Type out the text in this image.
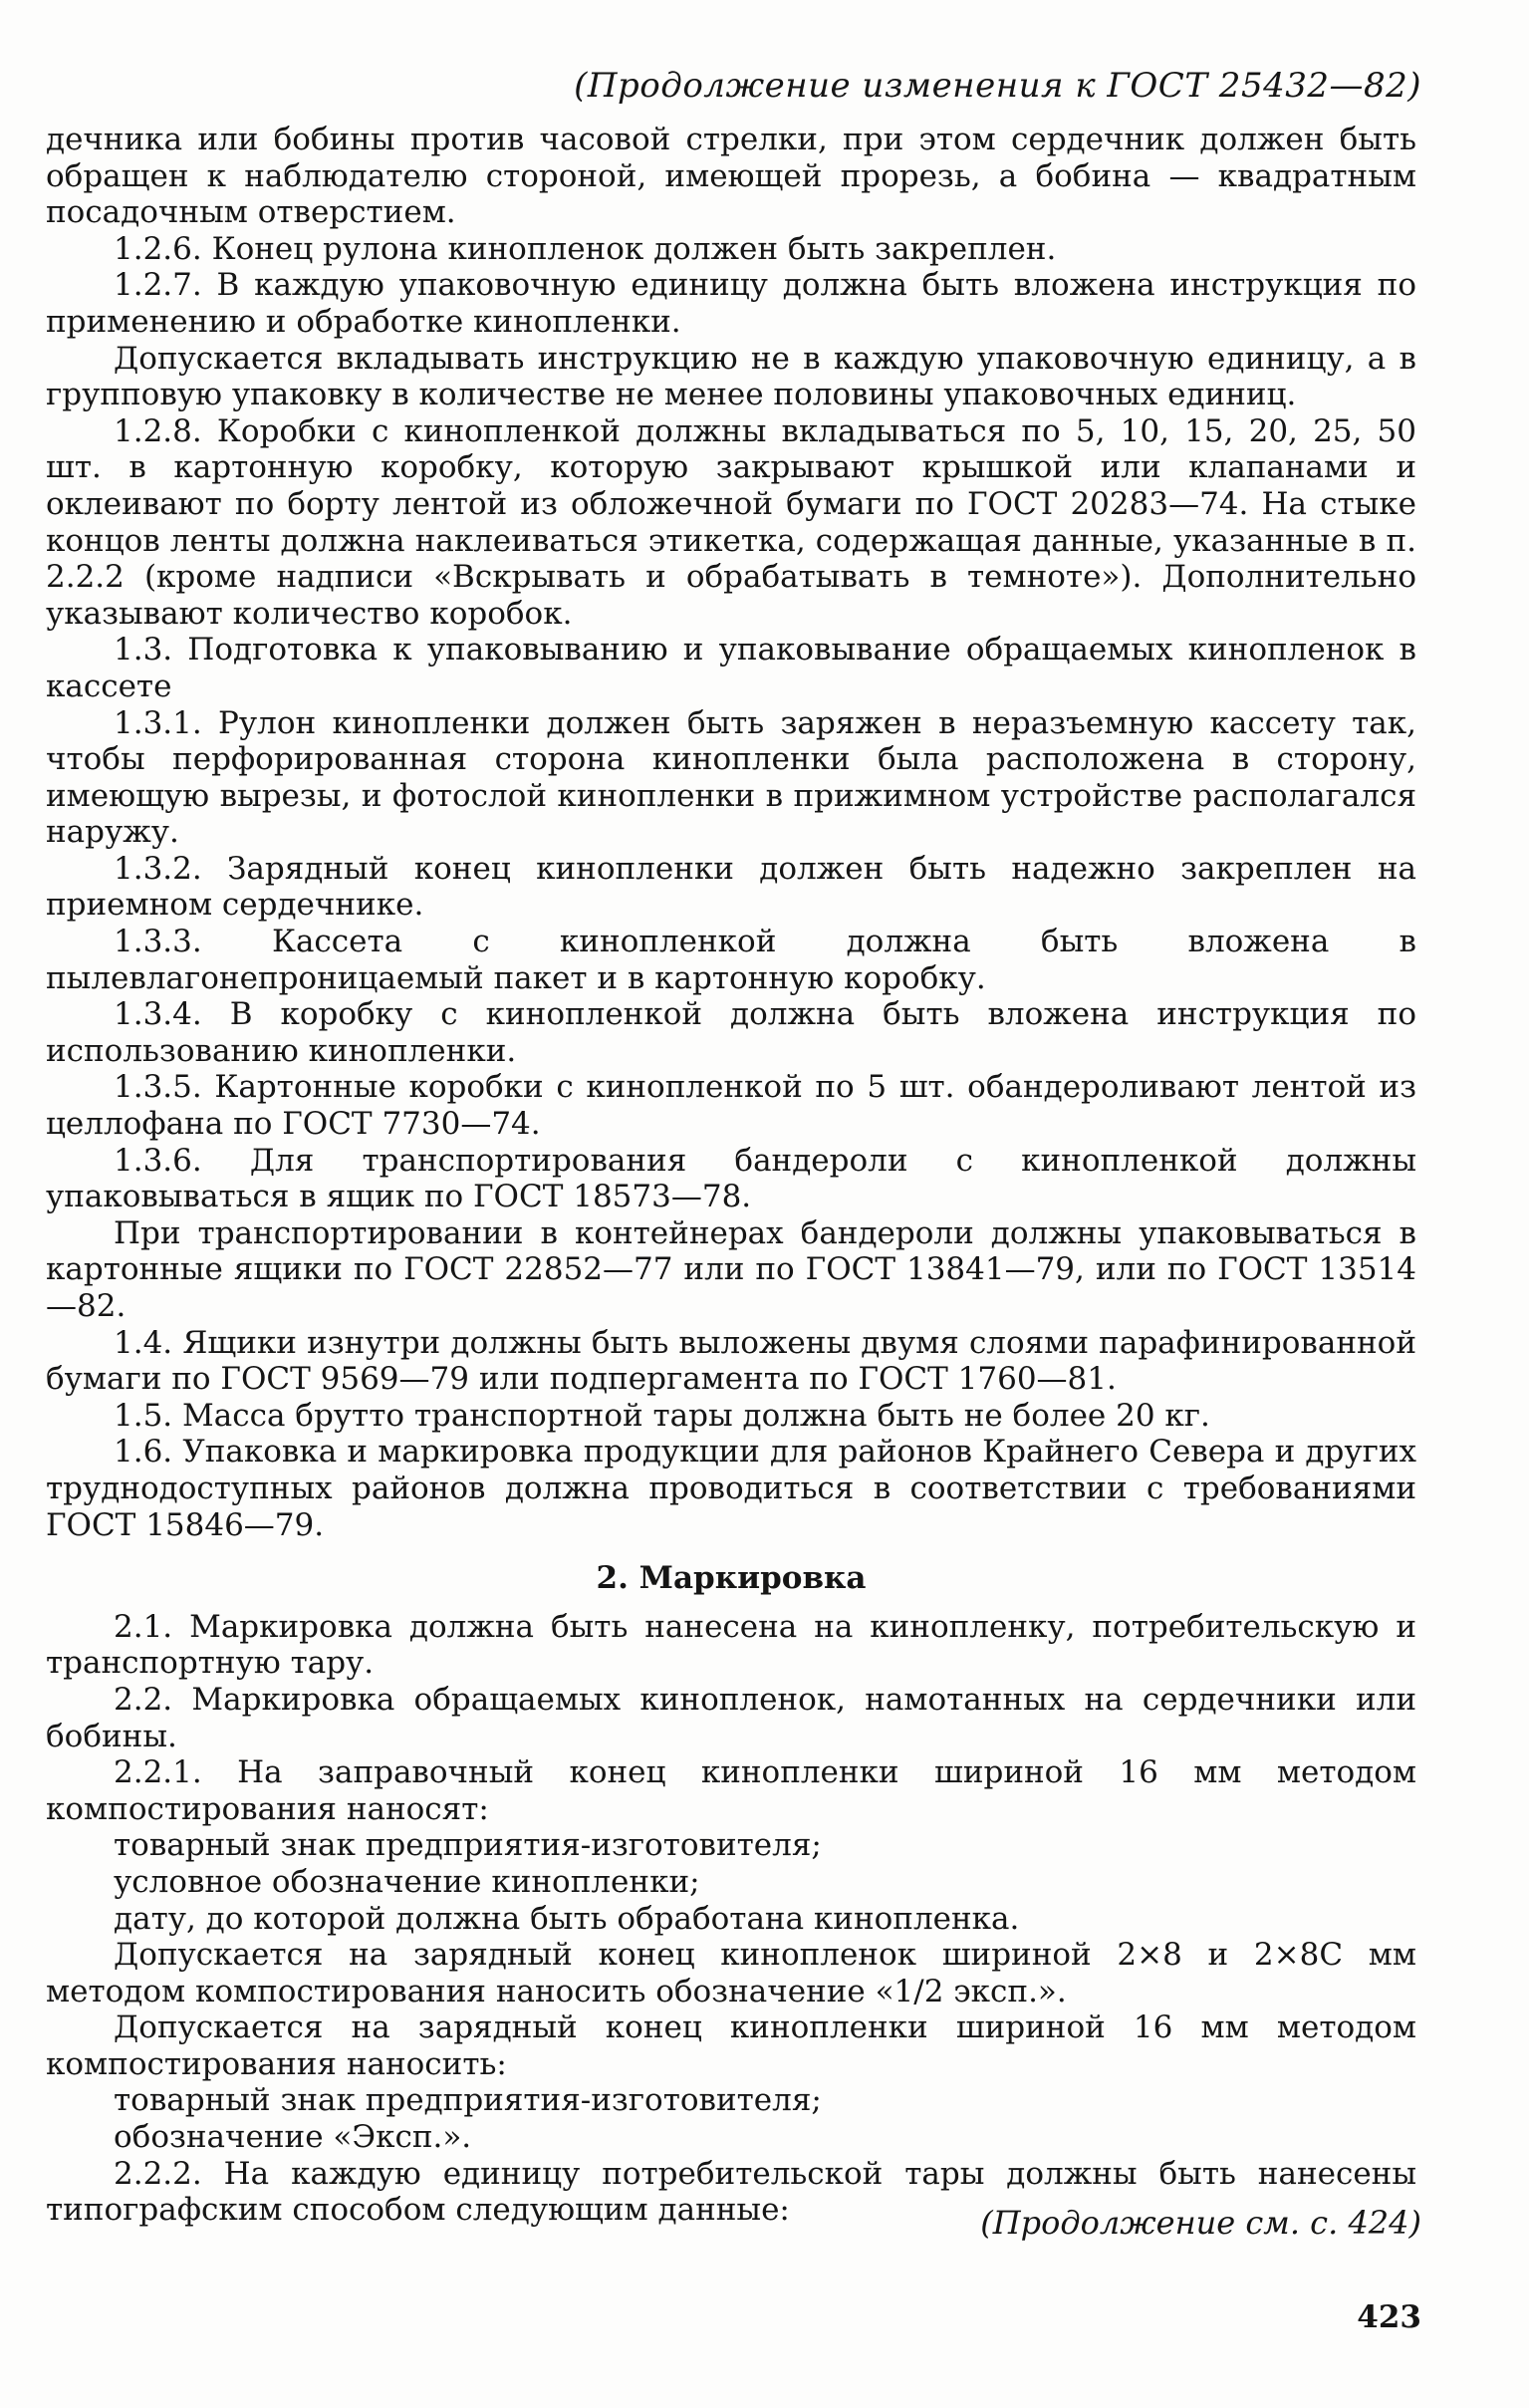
(Продолжение изменения к ГОСТ 25432—82)

дечника или бобины против часовой стрелки, при этом сердечник должен быть обращен к наблюдателю стороной, имеющей прорезь, а бобина — квадратным посадочным отверстием.

1.2.6. Конец рулона кинопленок должен быть закреплен.

1.2.7. В каждую упаковочную единицу должна быть вложена инструкция по применению и обработке кинопленки.

Допускается вкладывать инструкцию не в каждую упаковочную единицу, а в групповую упаковку в количестве не менее половины упаковочных единиц.

1.2.8. Коробки с кинопленкой должны вкладываться по 5, 10, 15, 20, 25, 50 шт. в картонную коробку, которую закрывают крышкой или клапанами и оклеивают по борту лентой из обложечной бумаги по ГОСТ 20283—74. На стыке концов ленты должна наклеиваться этикетка, содержащая данные, указанные в п. 2.2.2 (кроме надписи «Вскрывать и обрабатывать в темноте»). Дополнительно указывают количество коробок.

1.3. Подготовка к упаковыванию и упаковывание обращаемых кинопленок в кассете

1.3.1. Рулон кинопленки должен быть заряжен в неразъемную кассету так, чтобы перфорированная сторона кинопленки была расположена в сторону, имеющую вырезы, и фотослой кинопленки в прижимном устройстве располагался наружу.

1.3.2. Зарядный конец кинопленки должен быть надежно закреплен на приемном сердечнике.

1.3.3. Кассета с кинопленкой должна быть вложена в пылевлагонепроницаемый пакет и в картонную коробку.

1.3.4. В коробку с кинопленкой должна быть вложена инструкция по использованию кинопленки.

1.3.5. Картонные коробки с кинопленкой по 5 шт. обандероливают лентой из целлофана по ГОСТ 7730—74.

1.3.6. Для транспортирования бандероли с кинопленкой должны упаковываться в ящик по ГОСТ 18573—78.

При транспортировании в контейнерах бандероли должны упаковываться в картонные ящики по ГОСТ 22852—77 или по ГОСТ 13841—79, или по ГОСТ 13514—82.

1.4. Ящики изнутри должны быть выложены двумя слоями парафинированной бумаги по ГОСТ 9569—79 или подпергамента по ГОСТ 1760—81.

1.5. Масса брутто транспортной тары должна быть не более 20 кг.

1.6. Упаковка и маркировка продукции для районов Крайнего Севера и других труднодоступных районов должна проводиться в соответствии с требованиями ГОСТ 15846—79.

2. Маркировка

2.1. Маркировка должна быть нанесена на кинопленку, потребительскую и транспортную тару.

2.2. Маркировка обращаемых кинопленок, намотанных на сердечники или бобины.

2.2.1. На заправочный конец кинопленки шириной 16 мм методом компостирования наносят:

товарный знак предприятия-изготовителя;

условное обозначение кинопленки;

дату, до которой должна быть обработана кинопленка.

Допускается на зарядный конец кинопленок шириной 2×8 и 2×8С мм методом компостирования наносить обозначение «1/2 эксп.».

Допускается на зарядный конец кинопленки шириной 16 мм методом компостирования наносить:

товарный знак предприятия-изготовителя;

обозначение «Эксп.».

2.2.2. На каждую единицу потребительской тары должны быть нанесены типографским способом следующим данные:	(Продолжение см. с. 424)
423
